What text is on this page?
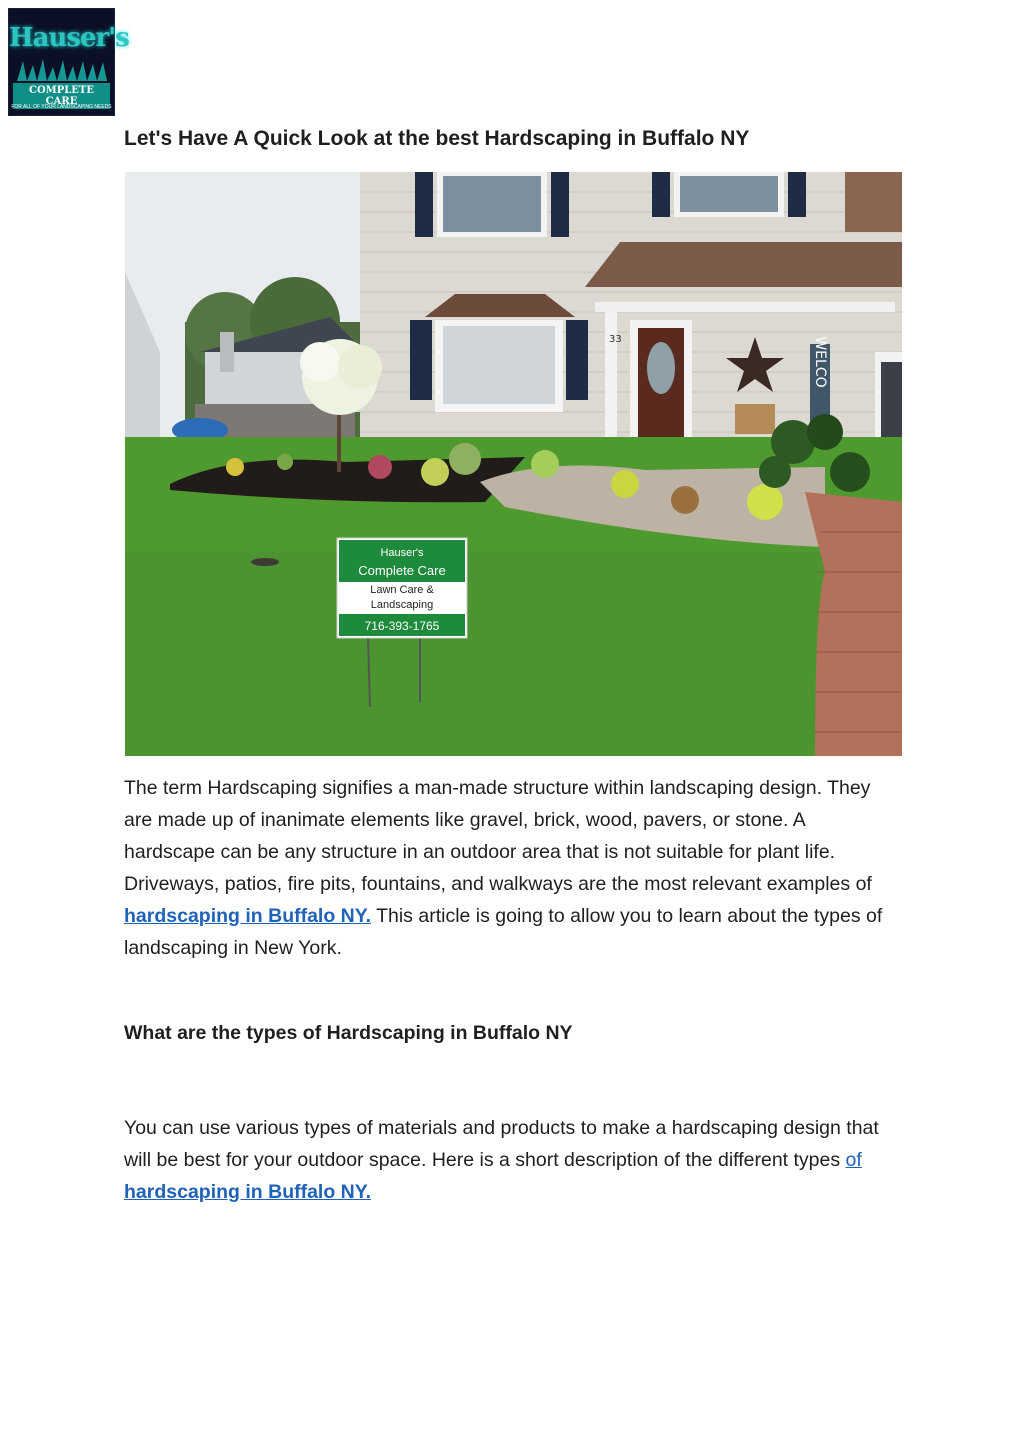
Hauser's
COMPLETE CARE
FOR ALL OF YOUR LANDSCAPING NEEDS
Let's Have A Quick Look at the best Hardscaping in Buffalo NY
33	WELCO
Hauser's
Complete Care
Lawn Care &
Landscaping
716-393-1765

The term Hardscaping signifies a man-made structure within landscaping design. They are made up of inanimate elements like gravel, brick, wood, pavers, or stone. A hardscape can be any structure in an outdoor area that is not suitable for plant life. Driveways, patios, fire pits, fountains, and walkways are the most relevant examples of hardscaping in Buffalo NY. This article is going to allow you to learn about the types of landscaping in New York.

What are the types of Hardscaping in Buffalo NY

You can use various types of materials and products to make a hardscaping design that will be best for your outdoor space. Here is a short description of the different types of hardscaping in Buffalo NY.
